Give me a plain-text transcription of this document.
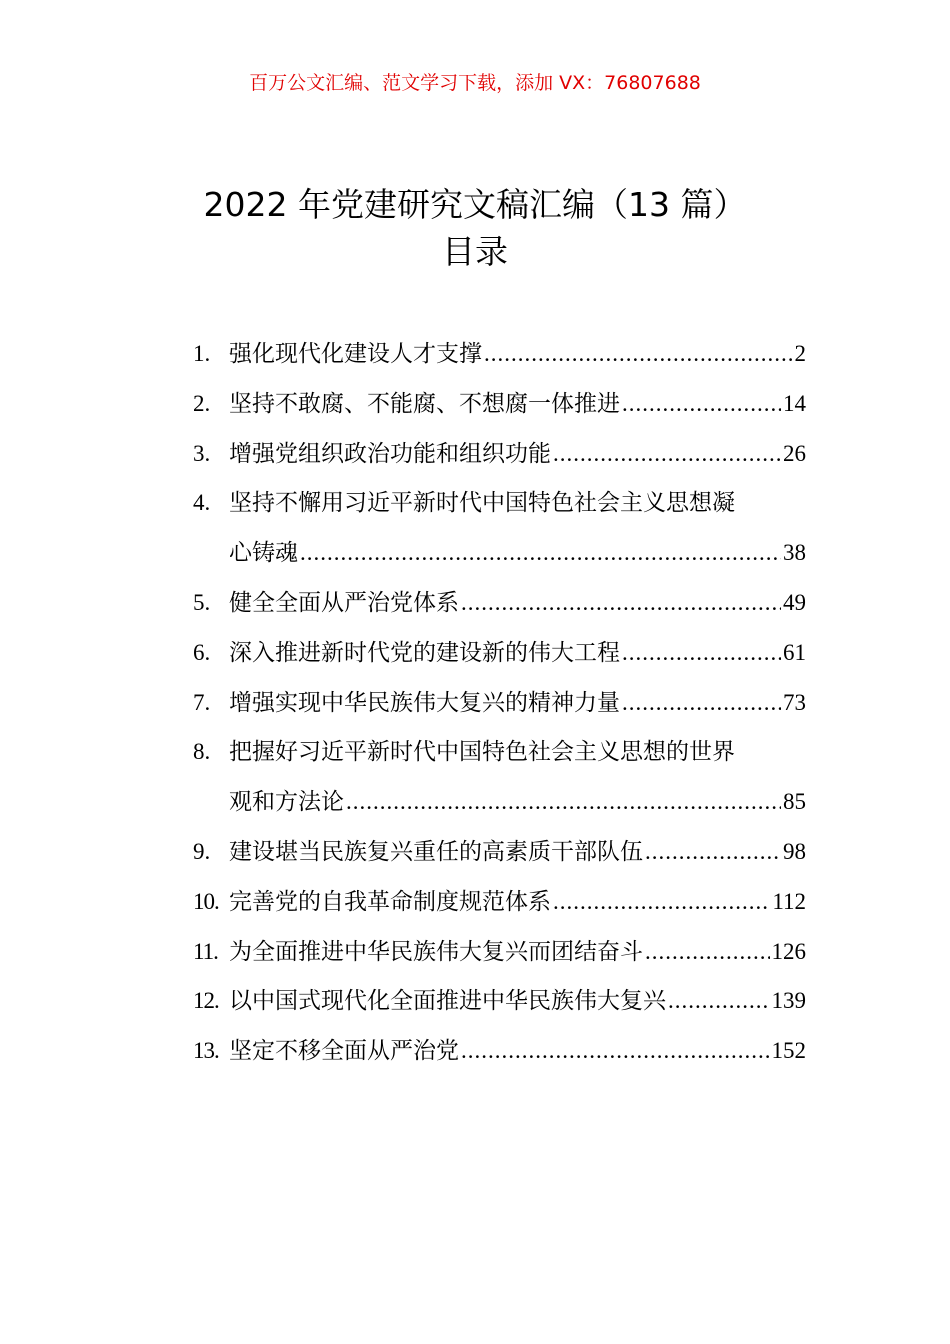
百万公文汇编、范文学习下载，添加 VX：76807688
2022 年党建研究文稿汇编（13 篇）
目录
1. 强化现代化建设人才支撑 .....	2
2. 坚持不敢腐、不能腐、不想腐一体推进 .....	14
3. 增强党组织政治功能和组织功能 .....	26
4. 坚持不懈用习近平新时代中国特色社会主义思想凝
心铸魂 .....	38
5. 健全全面从严治党体系 .....	49
6. 深入推进新时代党的建设新的伟大工程 .....	61
7. 增强实现中华民族伟大复兴的精神力量 .....	73
8. 把握好习近平新时代中国特色社会主义思想的世界
观和方法论 .....	85
9. 建设堪当民族复兴重任的高素质干部队伍 .....	98
10. 完善党的自我革命制度规范体系 .....	112
11. 为全面推进中华民族伟大复兴而团结奋斗 .....	126
12. 以中国式现代化全面推进中华民族伟大复兴 .....	139
13. 坚定不移全面从严治党 .....	152
